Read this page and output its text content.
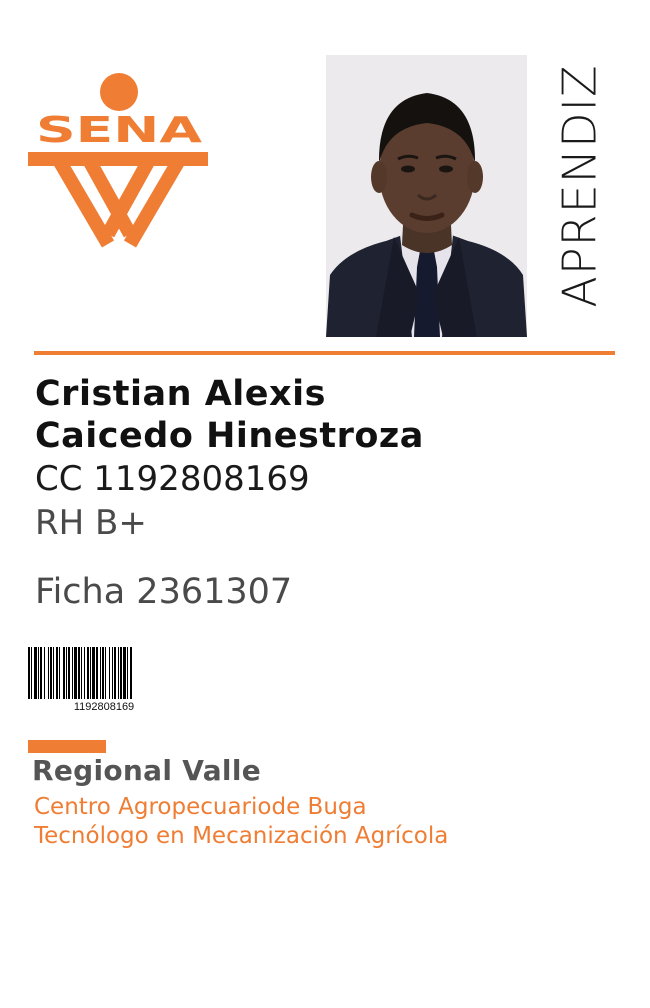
SENA	APRENDIZ
Cristian Alexis
Caicedo Hinestroza
CC 1192808169
RH B+
Ficha 2361307
1192808169
Regional Valle
Centro Agropecuariode Buga
Tecnólogo en Mecanización Agrícola
